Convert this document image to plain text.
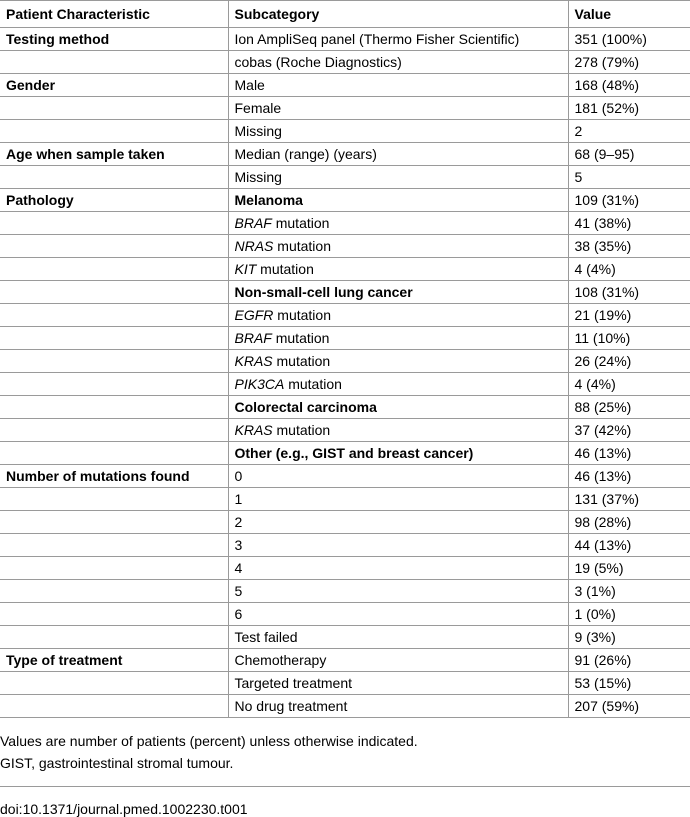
Patient Characteristic	Subcategory	Value
Testing method	Ion AmpliSeq panel (Thermo Fisher Scientific)	351 (100%)
	cobas (Roche Diagnostics)	278 (79%)
Gender	Male	168 (48%)
	Female	181 (52%)
	Missing	2
Age when sample taken	Median (range) (years)	68 (9–95)
	Missing	5
Pathology	Melanoma	109 (31%)
	BRAF mutation	41 (38%)
	NRAS mutation	38 (35%)
	KIT mutation	4 (4%)
	Non-small-cell lung cancer	108 (31%)
	EGFR mutation	21 (19%)
	BRAF mutation	11 (10%)
	KRAS mutation	26 (24%)
	PIK3CA mutation	4 (4%)
	Colorectal carcinoma	88 (25%)
	KRAS mutation	37 (42%)
	Other (e.g., GIST and breast cancer)	46 (13%)
Number of mutations found	0	46 (13%)
	1	131 (37%)
	2	98 (28%)
	3	44 (13%)
	4	19 (5%)
	5	3 (1%)
	6	1 (0%)
	Test failed	9 (3%)
Type of treatment	Chemotherapy	91 (26%)
	Targeted treatment	53 (15%)
	No drug treatment	207 (59%)

Values are number of patients (percent) unless otherwise indicated.

GIST, gastrointestinal stromal tumour.

doi:10.1371/journal.pmed.1002230.t001
